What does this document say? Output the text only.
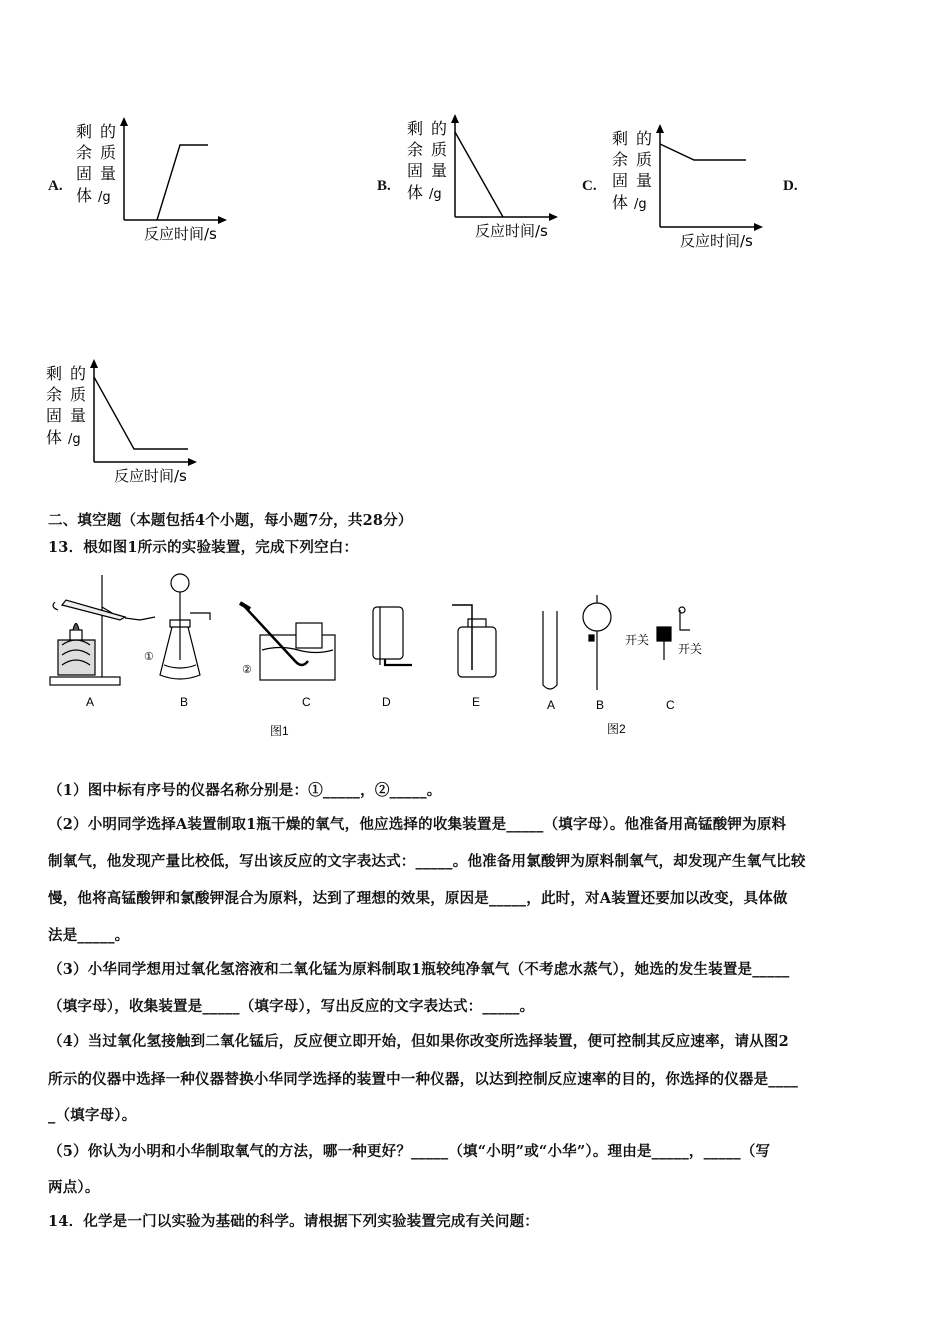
A.
剩 的
余 质
固 量
体 /g
反应时间/s
B.
剩 的
余 质
固 量
体 /g
反应时间/s
C.
剩 的
余 质
固 量
体 /g
反应时间/s
D.
剩 的
余 质
固 量
体 /g
反应时间/s
二、填空题（本题包括4个小题，每小题7分，共28分）
13．根如图1所示的实验装置，完成下列空白：
A
①
B
②
C	D	E	A
开关
B
开关
C
图1	图2
（1）图中标有序号的仪器名称分别是：①_____，②_____。
（2）小明同学选择A装置制取1瓶干燥的氧气，他应选择的收集装置是_____（填字母）。他准备用高锰酸钾为原料
制氧气，他发现产量比校低，写出该反应的文字表达式：_____。他准备用氯酸钾为原料制氧气，却发现产生氧气比较
慢，他将高锰酸钾和氯酸钾混合为原料，达到了理想的效果，原因是_____，此时，对A装置还要加以改变，具体做
法是_____。
（3）小华同学想用过氧化氢溶液和二氧化锰为原料制取1瓶较纯净氧气（不考虑水蒸气），她选的发生装置是_____
（填字母），收集装置是_____（填字母），写出反应的文字表达式：_____。
（4）当过氧化氢接触到二氧化锰后，反应便立即开始，但如果你改变所选择装置，便可控制其反应速率，请从图2
所示的仪器中选择一种仪器替换小华同学选择的装置中一种仪器，以达到控制反应速率的目的，你选择的仪器是____
_（填字母）。
（5）你认为小明和小华制取氧气的方法，哪一种更好？_____（填“小明”或“小华”）。理由是_____，_____（写
两点）。
14．化学是一门以实验为基础的科学。请根据下列实验装置完成有关问题：
